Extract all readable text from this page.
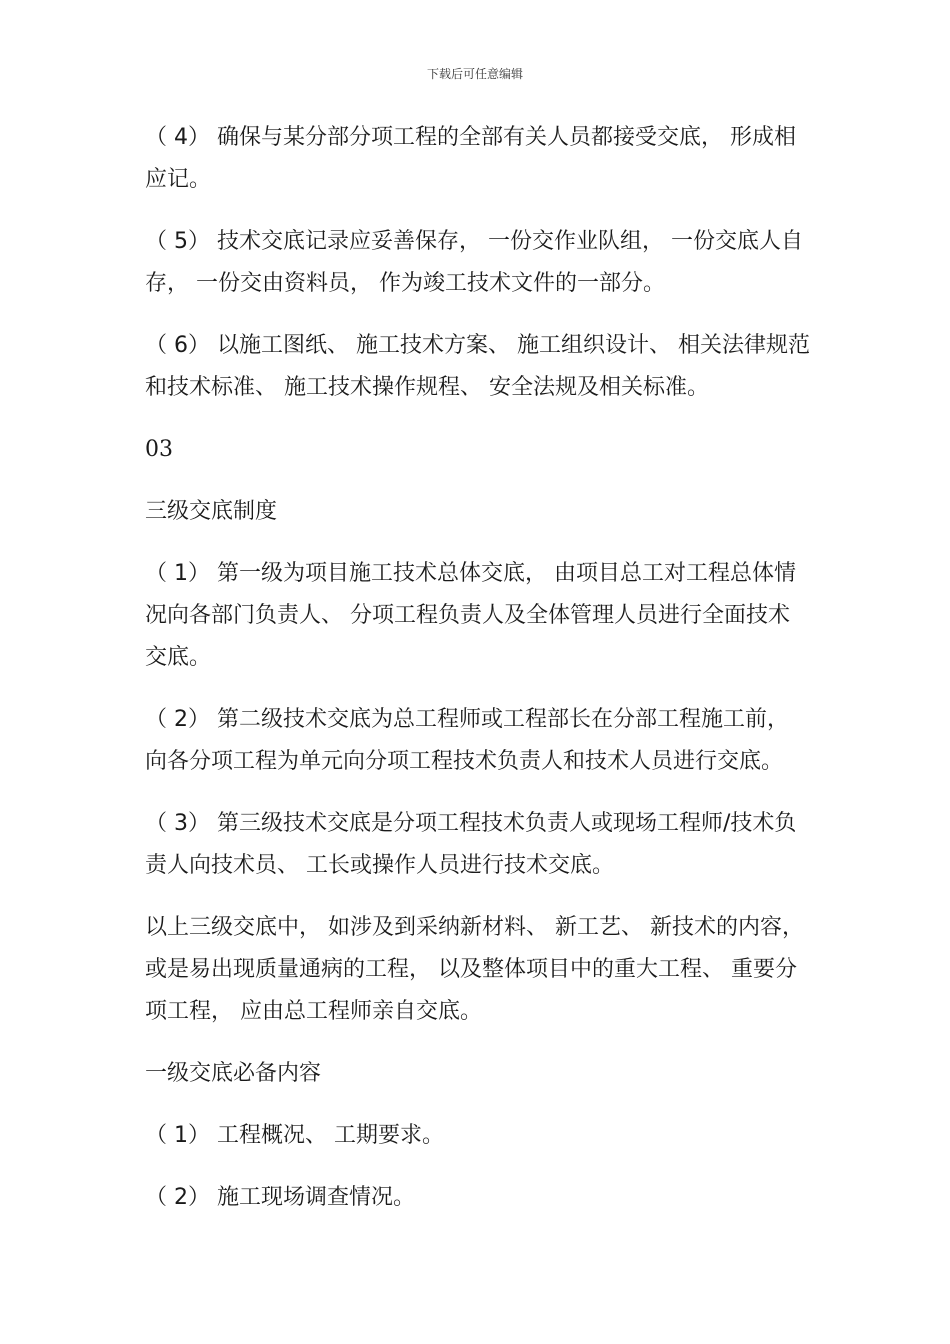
下载后可任意编辑

（ 4） 确保与某分部分项工程的全部有关人员都接受交底， 形成相应记。

（ 5） 技术交底记录应妥善保存， 一份交作业队组， 一份交底人自存， 一份交由资料员， 作为竣工技术文件的一部分。

（ 6） 以施工图纸、 施工技术方案、 施工组织设计、 相关法律规范和技术标准、 施工技术操作规程、 安全法规及相关标准。

03

三级交底制度

（ 1） 第一级为项目施工技术总体交底， 由项目总工对工程总体情况向各部门负责人、 分项工程负责人及全体管理人员进行全面技术交底。

（ 2） 第二级技术交底为总工程师或工程部长在分部工程施工前， 向各分项工程为单元向分项工程技术负责人和技术人员进行交底。

（ 3） 第三级技术交底是分项工程技术负责人或现场工程师/技术负责人向技术员、 工长或操作人员进行技术交底。

以上三级交底中， 如涉及到采纳新材料、 新工艺、 新技术的内容， 或是易出现质量通病的工程， 以及整体项目中的重大工程、 重要分项工程， 应由总工程师亲自交底。

一级交底必备内容

（ 1） 工程概况、 工期要求。

（ 2） 施工现场调查情况。
